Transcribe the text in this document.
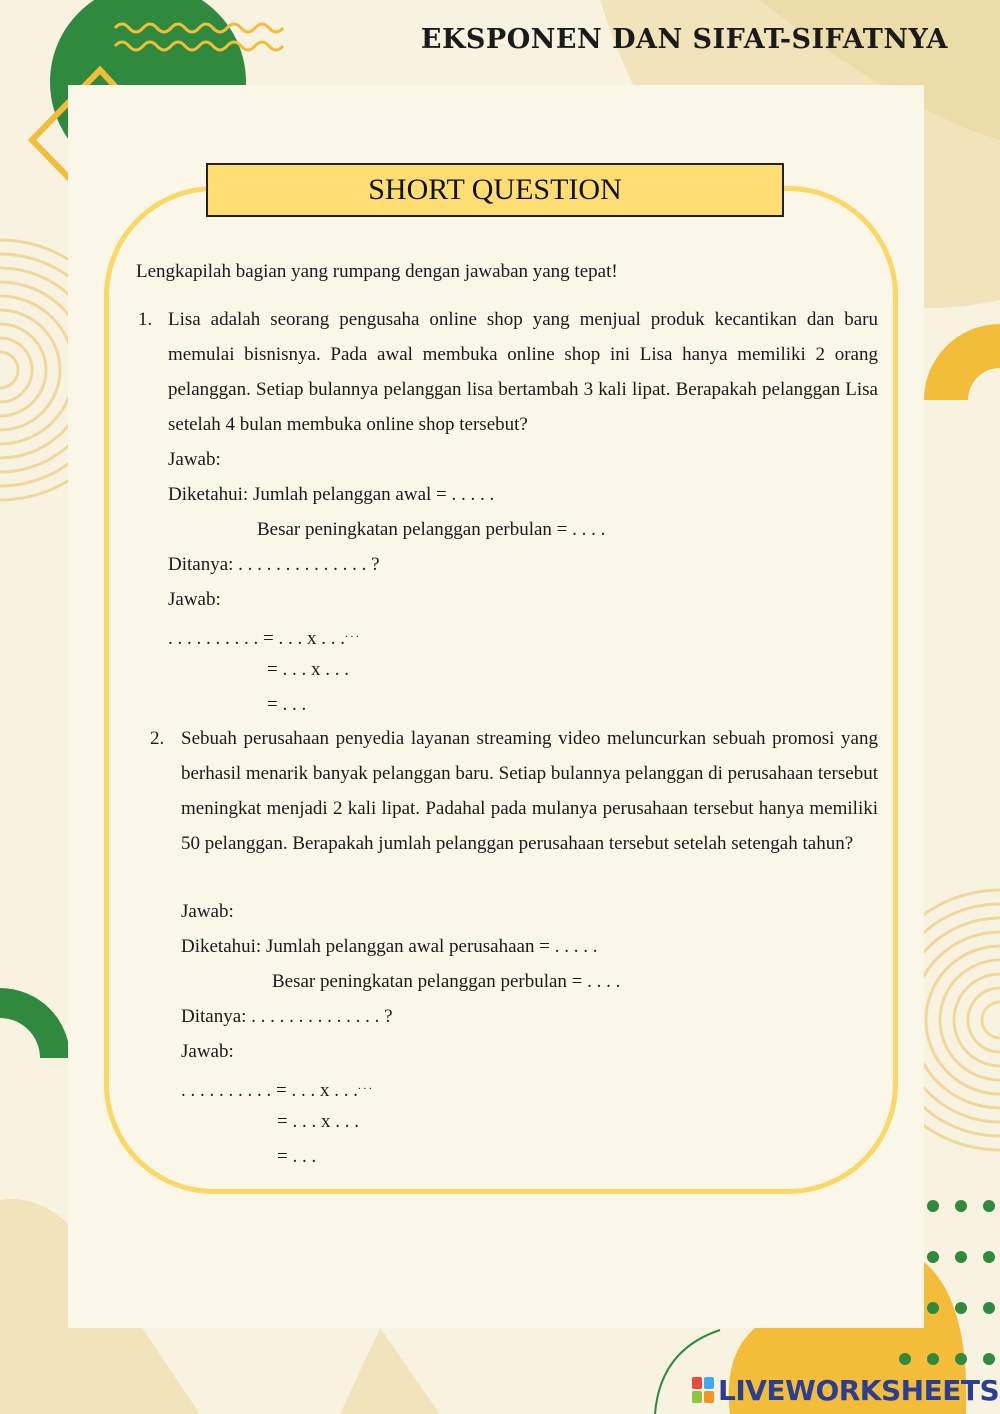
EKSPONEN DAN SIFAT-SIFATNYA
SHORT QUESTION

Lengkapilah bagian yang rumpang dengan jawaban yang tepat!

1. Lisa adalah seorang pengusaha online shop yang menjual produk kecantikan dan baru memulai bisnisnya. Pada awal membuka online shop ini Lisa hanya memiliki 2 orang pelanggan. Setiap bulannya pelanggan lisa bertambah 3 kali lipat. Berapakah pelanggan Lisa setelah 4 bulan membuka online shop tersebut?

Jawab:

Diketahui: Jumlah pelanggan awal = . . . . .

Besar peningkatan pelanggan perbulan = . . . .

Ditanya: . . . . . . . . . . . . . . ?

Jawab:

. . . . . . . . . . = . . . x . . .. . .

= . . . x . . .

= . . .

2. Sebuah perusahaan penyedia layanan streaming video meluncurkan sebuah promosi yang berhasil menarik banyak pelanggan baru. Setiap bulannya pelanggan di perusahaan tersebut meningkat menjadi 2 kali lipat. Padahal pada mulanya perusahaan tersebut hanya memiliki 50 pelanggan. Berapakah jumlah pelanggan perusahaan tersebut setelah setengah tahun?

Jawab:

Diketahui: Jumlah pelanggan awal perusahaan = . . . . .

Besar peningkatan pelanggan perbulan = . . . .

Ditanya: . . . . . . . . . . . . . . ?

Jawab:

. . . . . . . . . . = . . . x . . .. . .

= . . . x . . .

= . . .

LIVEWORKSHEETS
